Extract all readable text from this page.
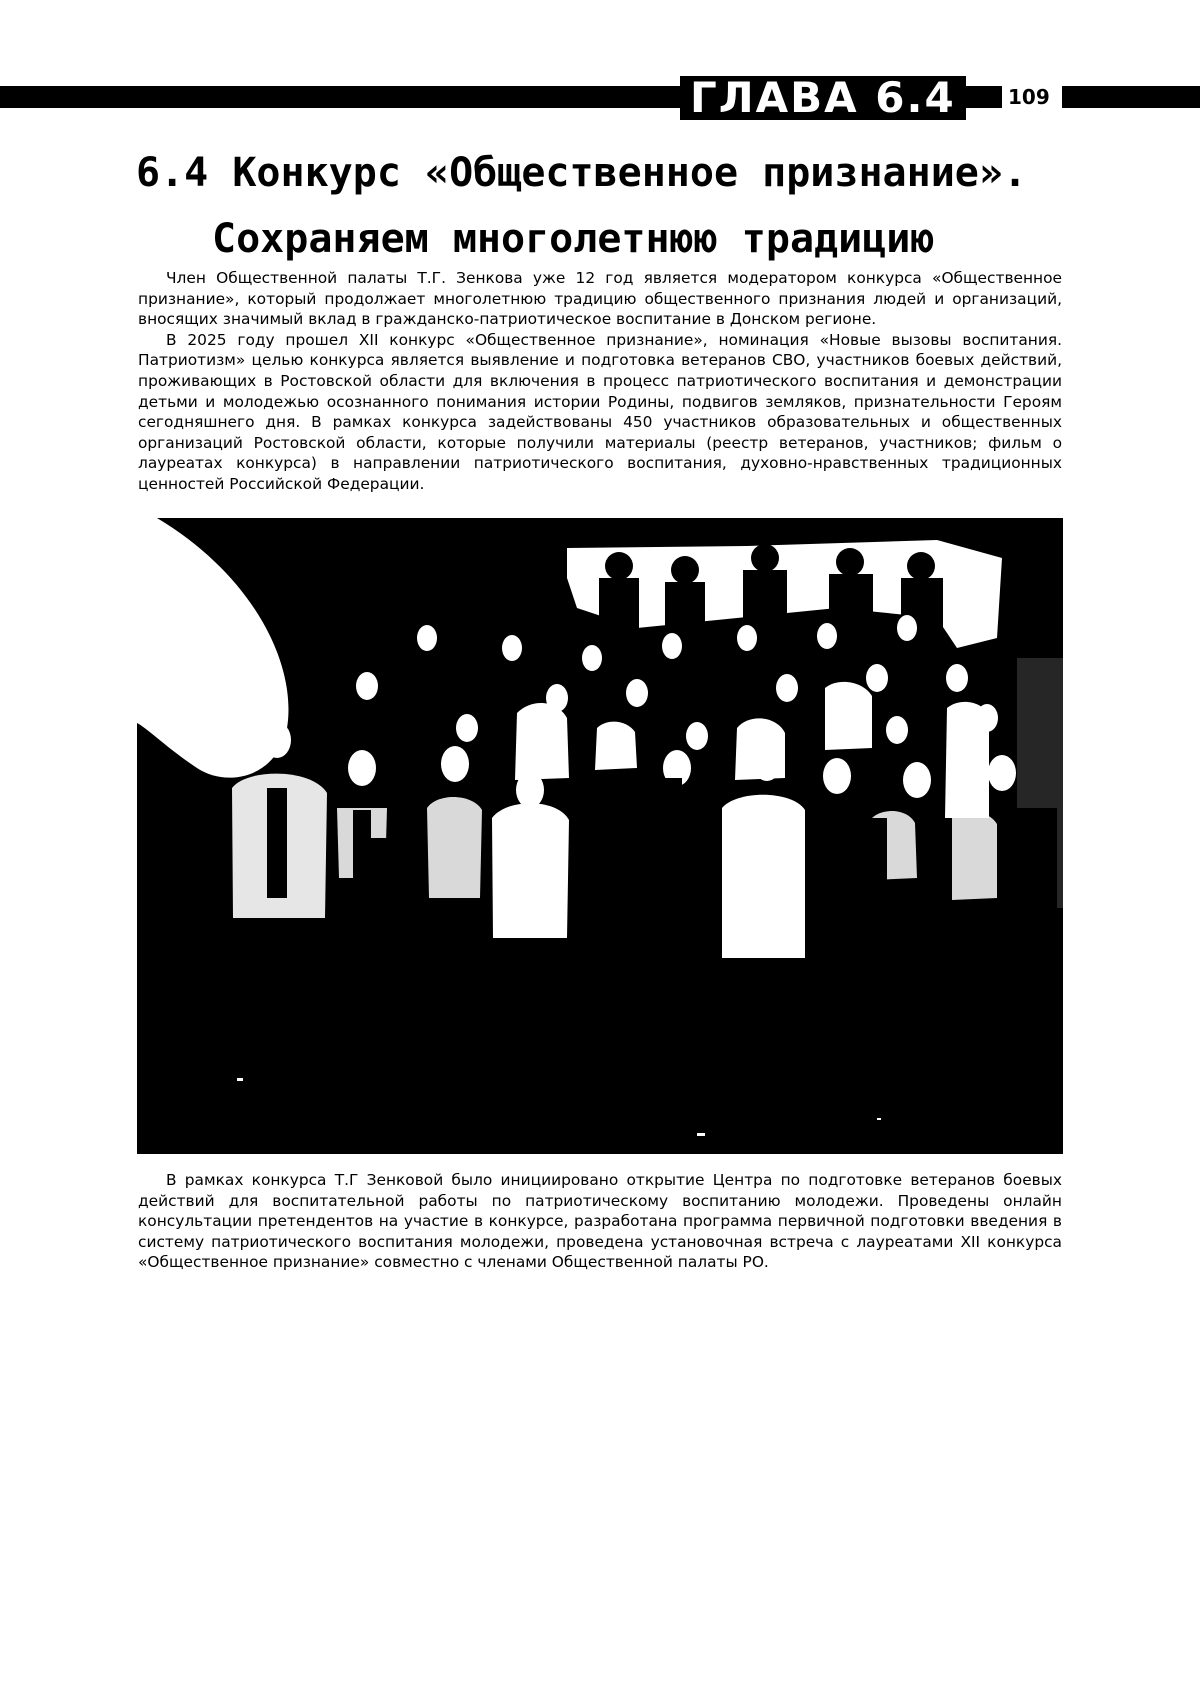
ГЛАВА 6.4	109
6.4 Конкурс «Общественное признание».
Сохраняем многолетнюю традицию

Член Общественной палаты Т.Г. Зенкова уже 12 год является модератором конкурса «Общественное признание», который продолжает многолетнюю традицию общественного признания людей и организаций, вносящих значимый вклад в гражданско-патриотическое воспитание в Донском регионе.

В 2025 году прошел XII конкурс «Общественное признание», номинация «Новые вызовы воспитания. Патриотизм» целью конкурса является выявление и подготовка ветеранов СВО, участников боевых действий, проживающих в Ростовской области для включения в процесс патриотического воспитания и демонстрации детьми и молодежью осознанного понимания истории Родины, подвигов земляков, признательности Героям сегодняшнего дня. В рамках конкурса задействованы 450 участников образовательных и общественных организаций Ростовской области, которые получили материалы (реестр ветеранов, участников; фильм о лауреатах конкурса) в направлении патриотического воспитания, духовно-нравственных традиционных ценностей Российской Федерации.

В рамках конкурса Т.Г Зенковой было инициировано открытие Центра по подготовке ветеранов боевых действий для воспитательной работы по патриотическому воспитанию молодежи. Проведены онлайн консультации претендентов на участие в конкурсе, разработана программа первичной подготовки введения в систему патриотического воспитания молодежи, проведена установочная встреча с лауреатами XII конкурса «Общественное признание» совместно с членами Общественной палаты РО.
